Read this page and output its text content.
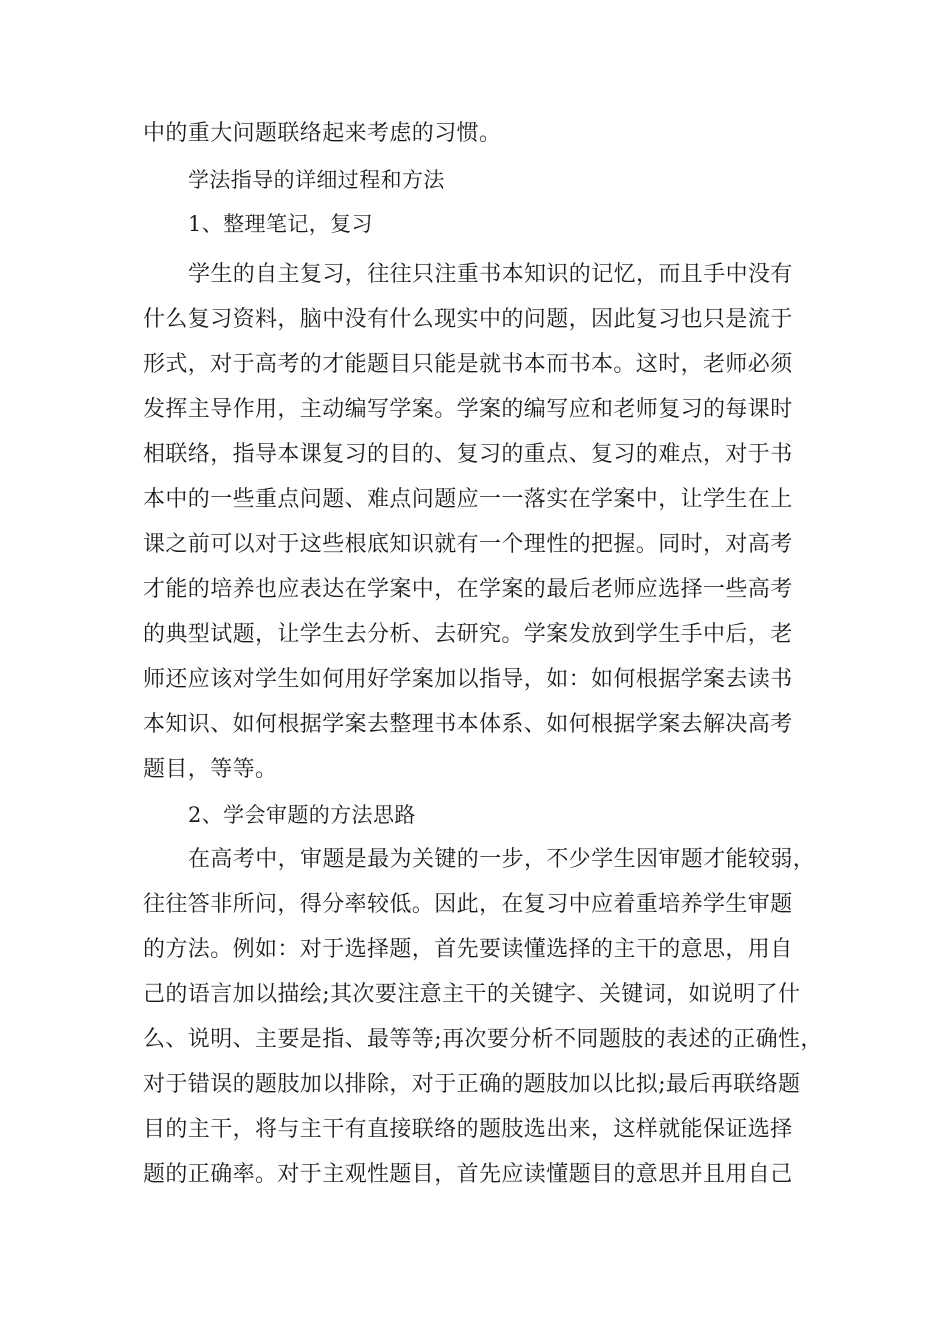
中的重大问题联络起来考虑的习惯。
学法指导的详细过程和方法
1、整理笔记，复习
学生的自主复习，往往只注重书本知识的记忆，而且手中没有
什么复习资料，脑中没有什么现实中的问题，因此复习也只是流于
形式，对于高考的才能题目只能是就书本而书本。这时，老师必须
发挥主导作用，主动编写学案。学案的编写应和老师复习的每课时
相联络，指导本课复习的目的、复习的重点、复习的难点，对于书
本中的一些重点问题、难点问题应一一落实在学案中，让学生在上
课之前可以对于这些根底知识就有一个理性的把握。同时，对高考
才能的培养也应表达在学案中，在学案的最后老师应选择一些高考
的典型试题，让学生去分析、去研究。学案发放到学生手中后，老
师还应该对学生如何用好学案加以指导，如：如何根据学案去读书
本知识、如何根据学案去整理书本体系、如何根据学案去解决高考
题目，等等。
2、学会审题的方法思路
在高考中，审题是最为关键的一步，不少学生因审题才能较弱，
往往答非所问，得分率较低。因此，在复习中应着重培养学生审题
的方法。例如：对于选择题，首先要读懂选择的主干的意思，用自
己的语言加以描绘;其次要注意主干的关键字、关键词，如说明了什
么、说明、主要是指、最等等;再次要分析不同题肢的表述的正确性，
对于错误的题肢加以排除，对于正确的题肢加以比拟;最后再联络题
目的主干，将与主干有直接联络的题肢选出来，这样就能保证选择
题的正确率。对于主观性题目，首先应读懂题目的意思并且用自己
